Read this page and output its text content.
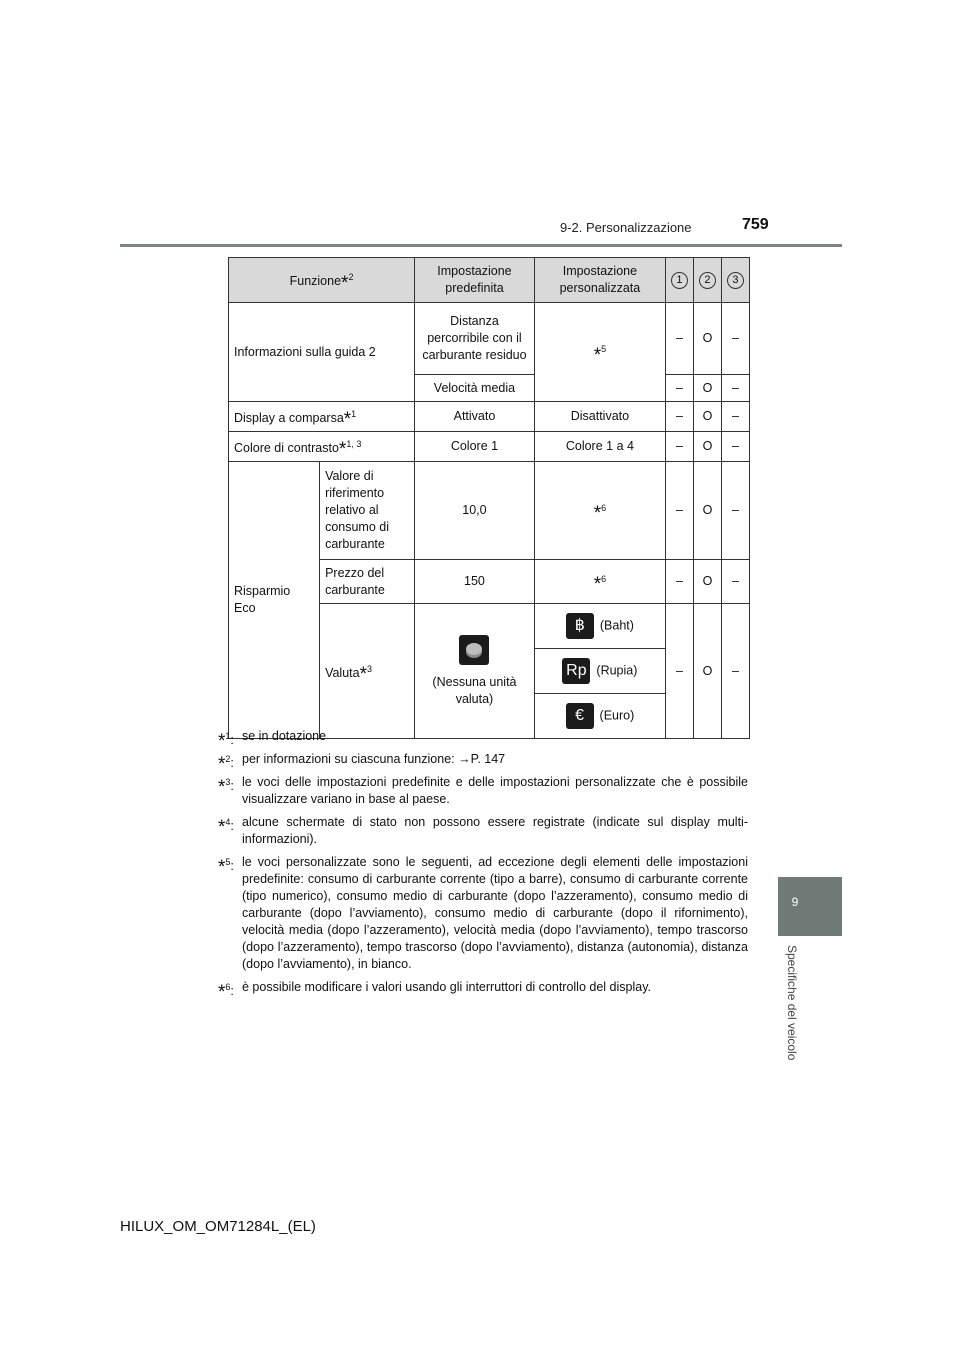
9-2. Personalizzazione	759
9
Specifiche del veicolo
Funzione*$^2$		Impostazione predefinita	Impostazione personalizzata	1	2	3
Informazioni sulla guida 2		Distanza percorribile con il carburante residuo	*$^5$	–	O	–
		Velocità media		–	O	–
Display a comparsa*$^1$		Attivato	Disattivato	–	O	–
Colore di contrasto*$^{1, 3}$		Colore 1	Colore 1 a 4	–	O	–
Risparmio Eco	Valore di riferimento relativo al consumo di carburante	10,0	*$^6$	–	O	–
	Prezzo del carburante	150	*$^6$	–	O	–
	Valuta*$^3$	(Nessuna unità valuta)	฿ (Baht)	–	O	–
			Rp (Rupia)			
			€ (Euro)			
*$^1$: se in dotazione
*$^2$: per informazioni su ciascuna funzione: →P. 147
*$^3$: le voci delle impostazioni predefinite e delle impostazioni personalizzate che è possibile visualizzare variano in base al paese.
*$^4$: alcune schermate di stato non possono essere registrate (indicate sul display multi-informazioni).
*$^5$: le voci personalizzate sono le seguenti, ad eccezione degli elementi delle impostazioni predefinite: consumo di carburante corrente (tipo a barre), consumo di carburante corrente (tipo numerico), consumo medio di carburante (dopo l’azzeramento), consumo medio di carburante (dopo l’avviamento), consumo medio di carburante (dopo il rifornimento), velocità media (dopo l’azzeramento), velocità media (dopo l’avviamento), tempo trascorso (dopo l’azzeramento), tempo trascorso (dopo l’avviamento), distanza (autonomia), distanza (dopo l’avviamento), in bianco.
*$^6$: è possibile modificare i valori usando gli interruttori di controllo del display.
HILUX_OM_OM71284L_(EL)
